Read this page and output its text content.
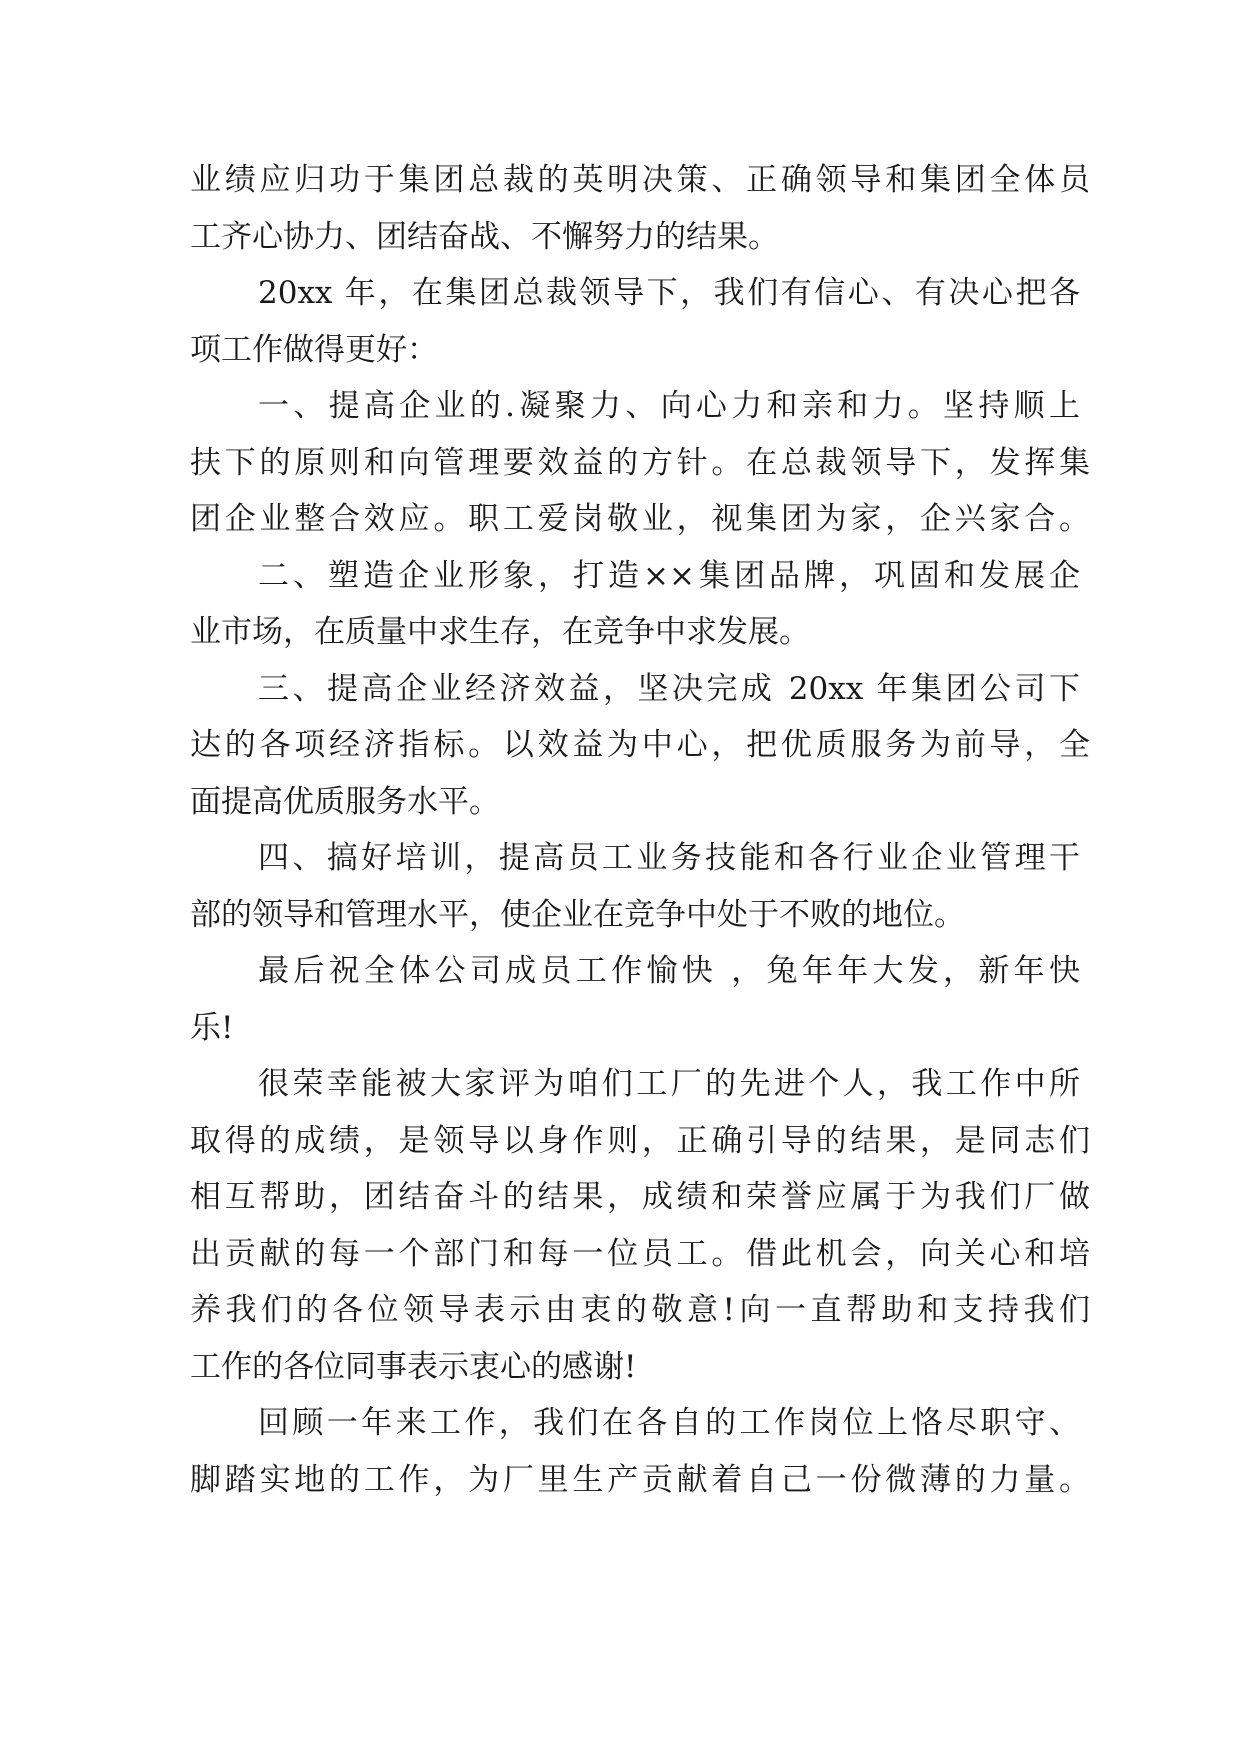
业绩应归功于集团总裁的英明决策、正确领导和集团全体员
工齐心协力、团结奋战、不懈努力的结果。
20xx 年，在集团总裁领导下，我们有信心、有决心把各
项工作做得更好：
一、提高企业的.凝聚力、向心力和亲和力。坚持顺上
扶下的原则和向管理要效益的方针。在总裁领导下，发挥集
团企业整合效应。职工爱岗敬业，视集团为家，企兴家合。
二、塑造企业形象，打造××集团品牌，巩固和发展企
业市场，在质量中求生存，在竞争中求发展。
三、提高企业经济效益，坚决完成 20xx 年集团公司下
达的各项经济指标。以效益为中心，把优质服务为前导，全
面提高优质服务水平。
四、搞好培训，提高员工业务技能和各行业企业管理干
部的领导和管理水平，使企业在竞争中处于不败的地位。
最后祝全体公司成员工作愉快 ，兔年年大发，新年快
乐!
很荣幸能被大家评为咱们工厂的先进个人，我工作中所
取得的成绩，是领导以身作则，正确引导的结果，是同志们
相互帮助，团结奋斗的结果，成绩和荣誉应属于为我们厂做
出贡献的每一个部门和每一位员工。借此机会，向关心和培
养我们的各位领导表示由衷的敬意!向一直帮助和支持我们
工作的各位同事表示衷心的感谢!
回顾一年来工作，我们在各自的工作岗位上恪尽职守、
脚踏实地的工作，为厂里生产贡献着自己一份微薄的力量。
